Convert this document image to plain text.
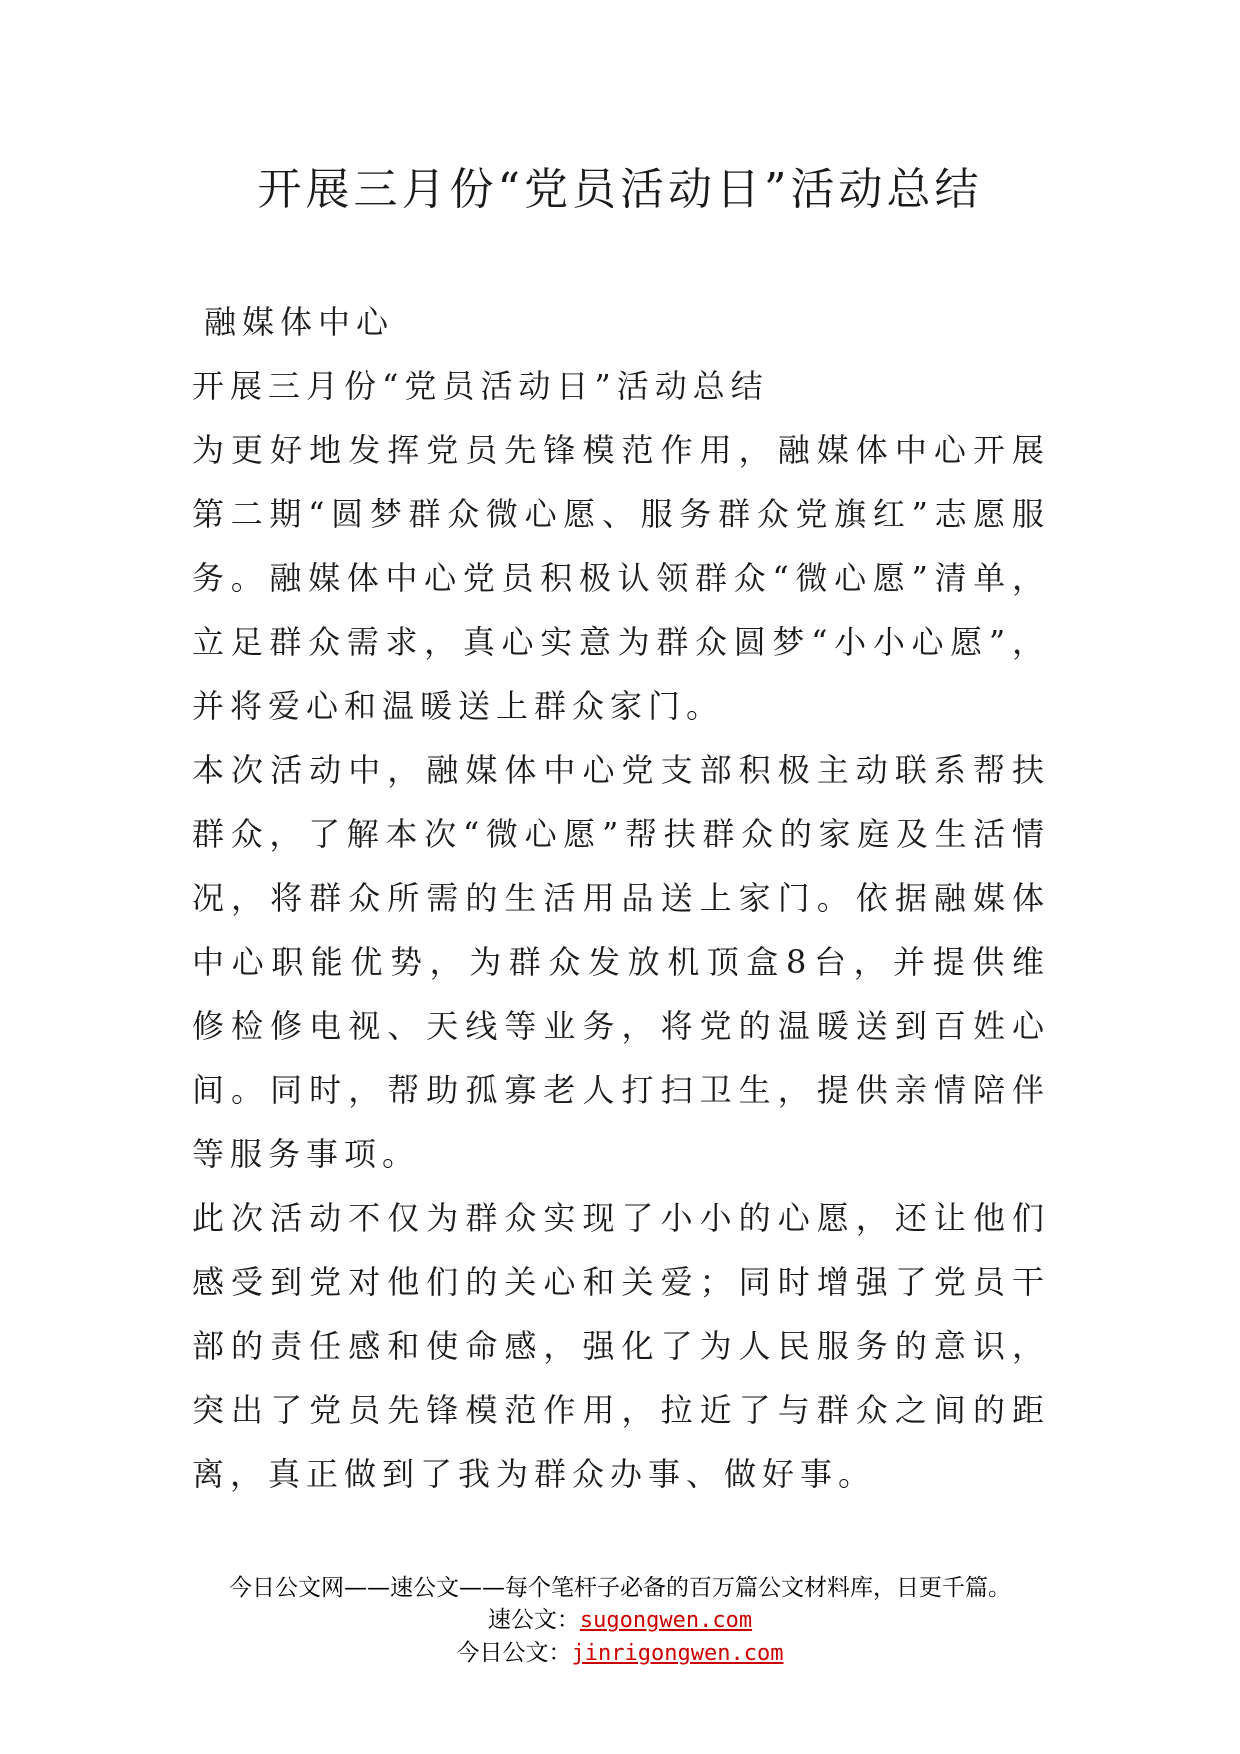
开展三月份“党员活动日”活动总结

融媒体中心

开展三月份“党员活动日”活动总结

为更好地发挥党员先锋模范作用，融媒体中心开展第二期“圆梦群众微心愿、服务群众党旗红”志愿服务。融媒体中心党员积极认领群众“微心愿”清单，立足群众需求，真心实意为群众圆梦“小小心愿”，并将爱心和温暖送上群众家门。

本次活动中，融媒体中心党支部积极主动联系帮扶群众，了解本次“微心愿”帮扶群众的家庭及生活情况，将群众所需的生活用品送上家门。依据融媒体中心职能优势，为群众发放机顶盒8台，并提供维修检修电视、天线等业务，将党的温暖送到百姓心间。同时，帮助孤寡老人打扫卫生，提供亲情陪伴等服务事项。

此次活动不仅为群众实现了小小的心愿，还让他们感受到党对他们的关心和关爱；同时增强了党员干部的责任感和使命感，强化了为人民服务的意识，突出了党员先锋模范作用，拉近了与群众之间的距离，真正做到了我为群众办事、做好事。

今日公文网——速公文——每个笔杆子必备的百万篇公文材料库，日更千篇。

速公文：sugongwen.com

今日公文：jinrigongwen.com
